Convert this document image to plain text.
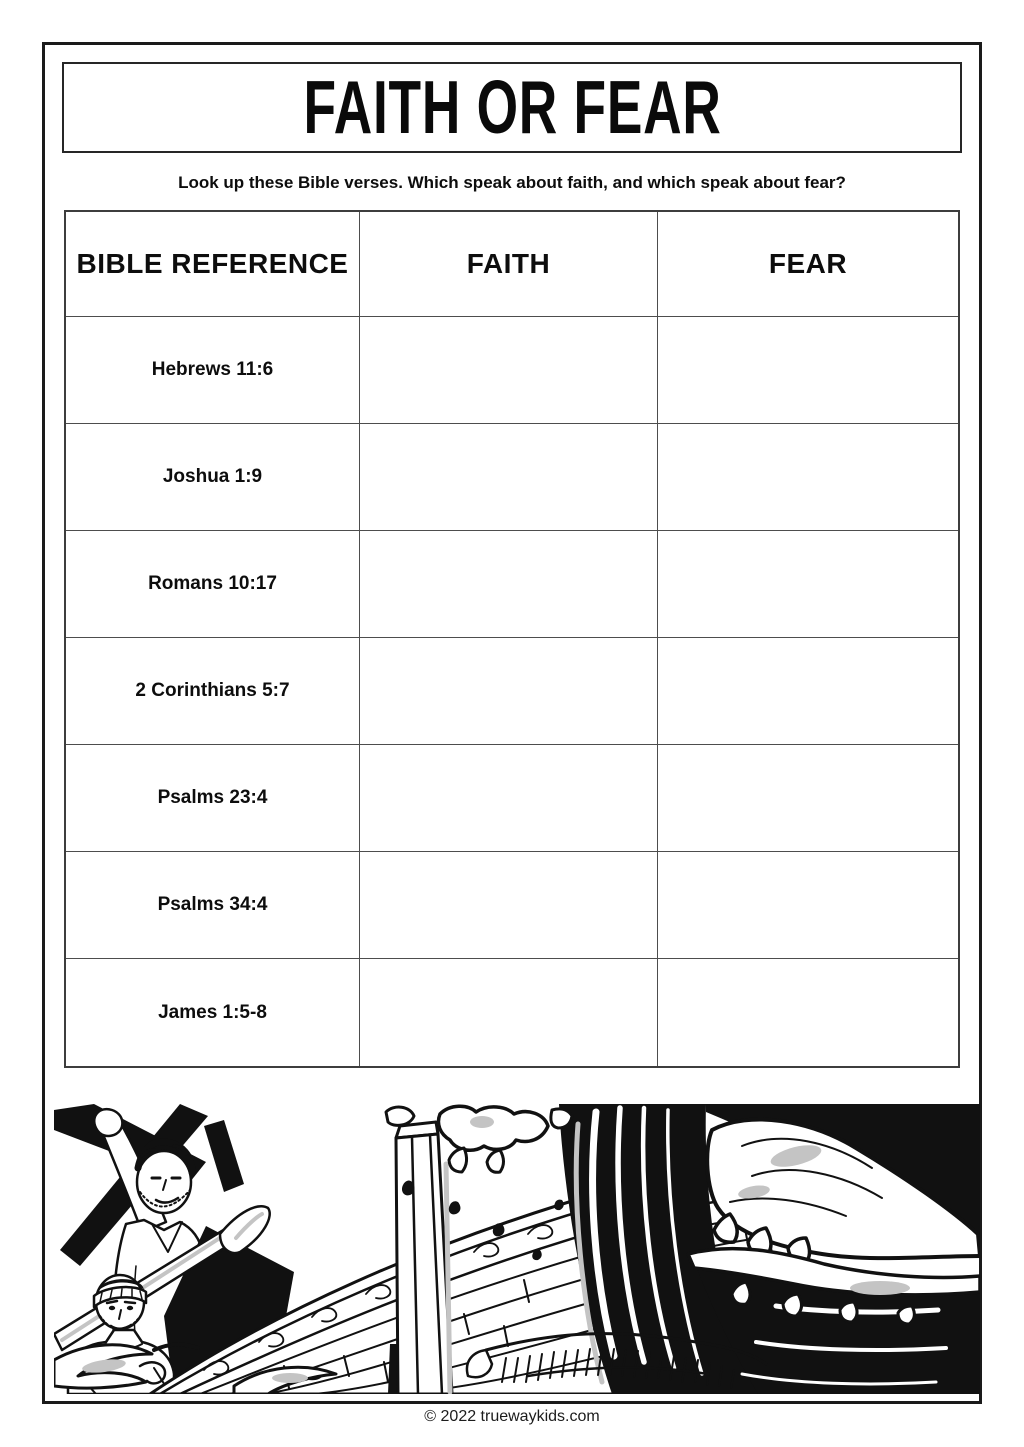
FAITH OR FEAR
Look up these Bible verses. Which speak about faith, and which speak about fear?
BIBLE REFERENCE	FAITH	FEAR
Hebrews 11:6
Joshua 1:9
Romans 10:17
2 Corinthians 5:7
Psalms 23:4
Psalms 34:4
James 1:5-8
© 2022 truewaykids.com
